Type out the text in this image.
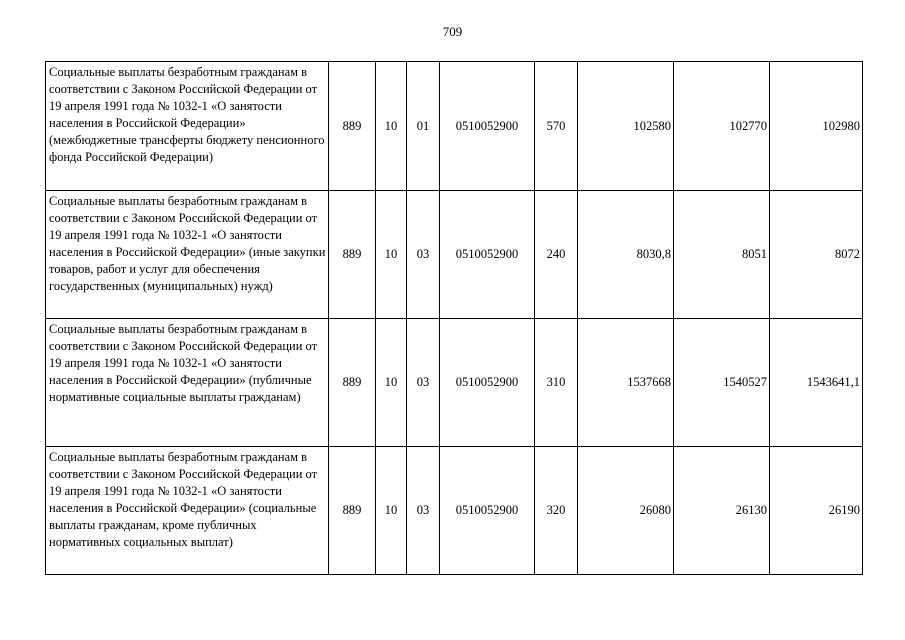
709
Социальные выплаты безработным гражданам в соответствии с Законом Российской Федерации от 19 апреля 1991 года № 1032-1 «О занятости населения в Российской Федерации» (межбюджетные трансферты бюджету пенсионного фонда Российской Федерации)	889	10	01	0510052900	570	102580	102770	102980
Социальные выплаты безработным гражданам в соответствии с Законом Российской Федерации от 19 апреля 1991 года № 1032-1 «О занятости населения в Российской Федерации» (иные закупки товаров, работ и услуг для обеспечения государственных (муниципальных) нужд)	889	10	03	0510052900	240	8030,8	8051	8072
Социальные выплаты безработным гражданам в соответствии с Законом Российской Федерации от 19 апреля 1991 года № 1032-1 «О занятости населения в Российской Федерации» (публичные нормативные социальные выплаты гражданам)	889	10	03	0510052900	310	1537668	1540527	1543641,1
Социальные выплаты безработным гражданам в соответствии с Законом Российской Федерации от 19 апреля 1991 года № 1032-1 «О занятости населения в Российской Федерации» (социальные выплаты гражданам, кроме публичных нормативных социальных выплат)	889	10	03	0510052900	320	26080	26130	26190
